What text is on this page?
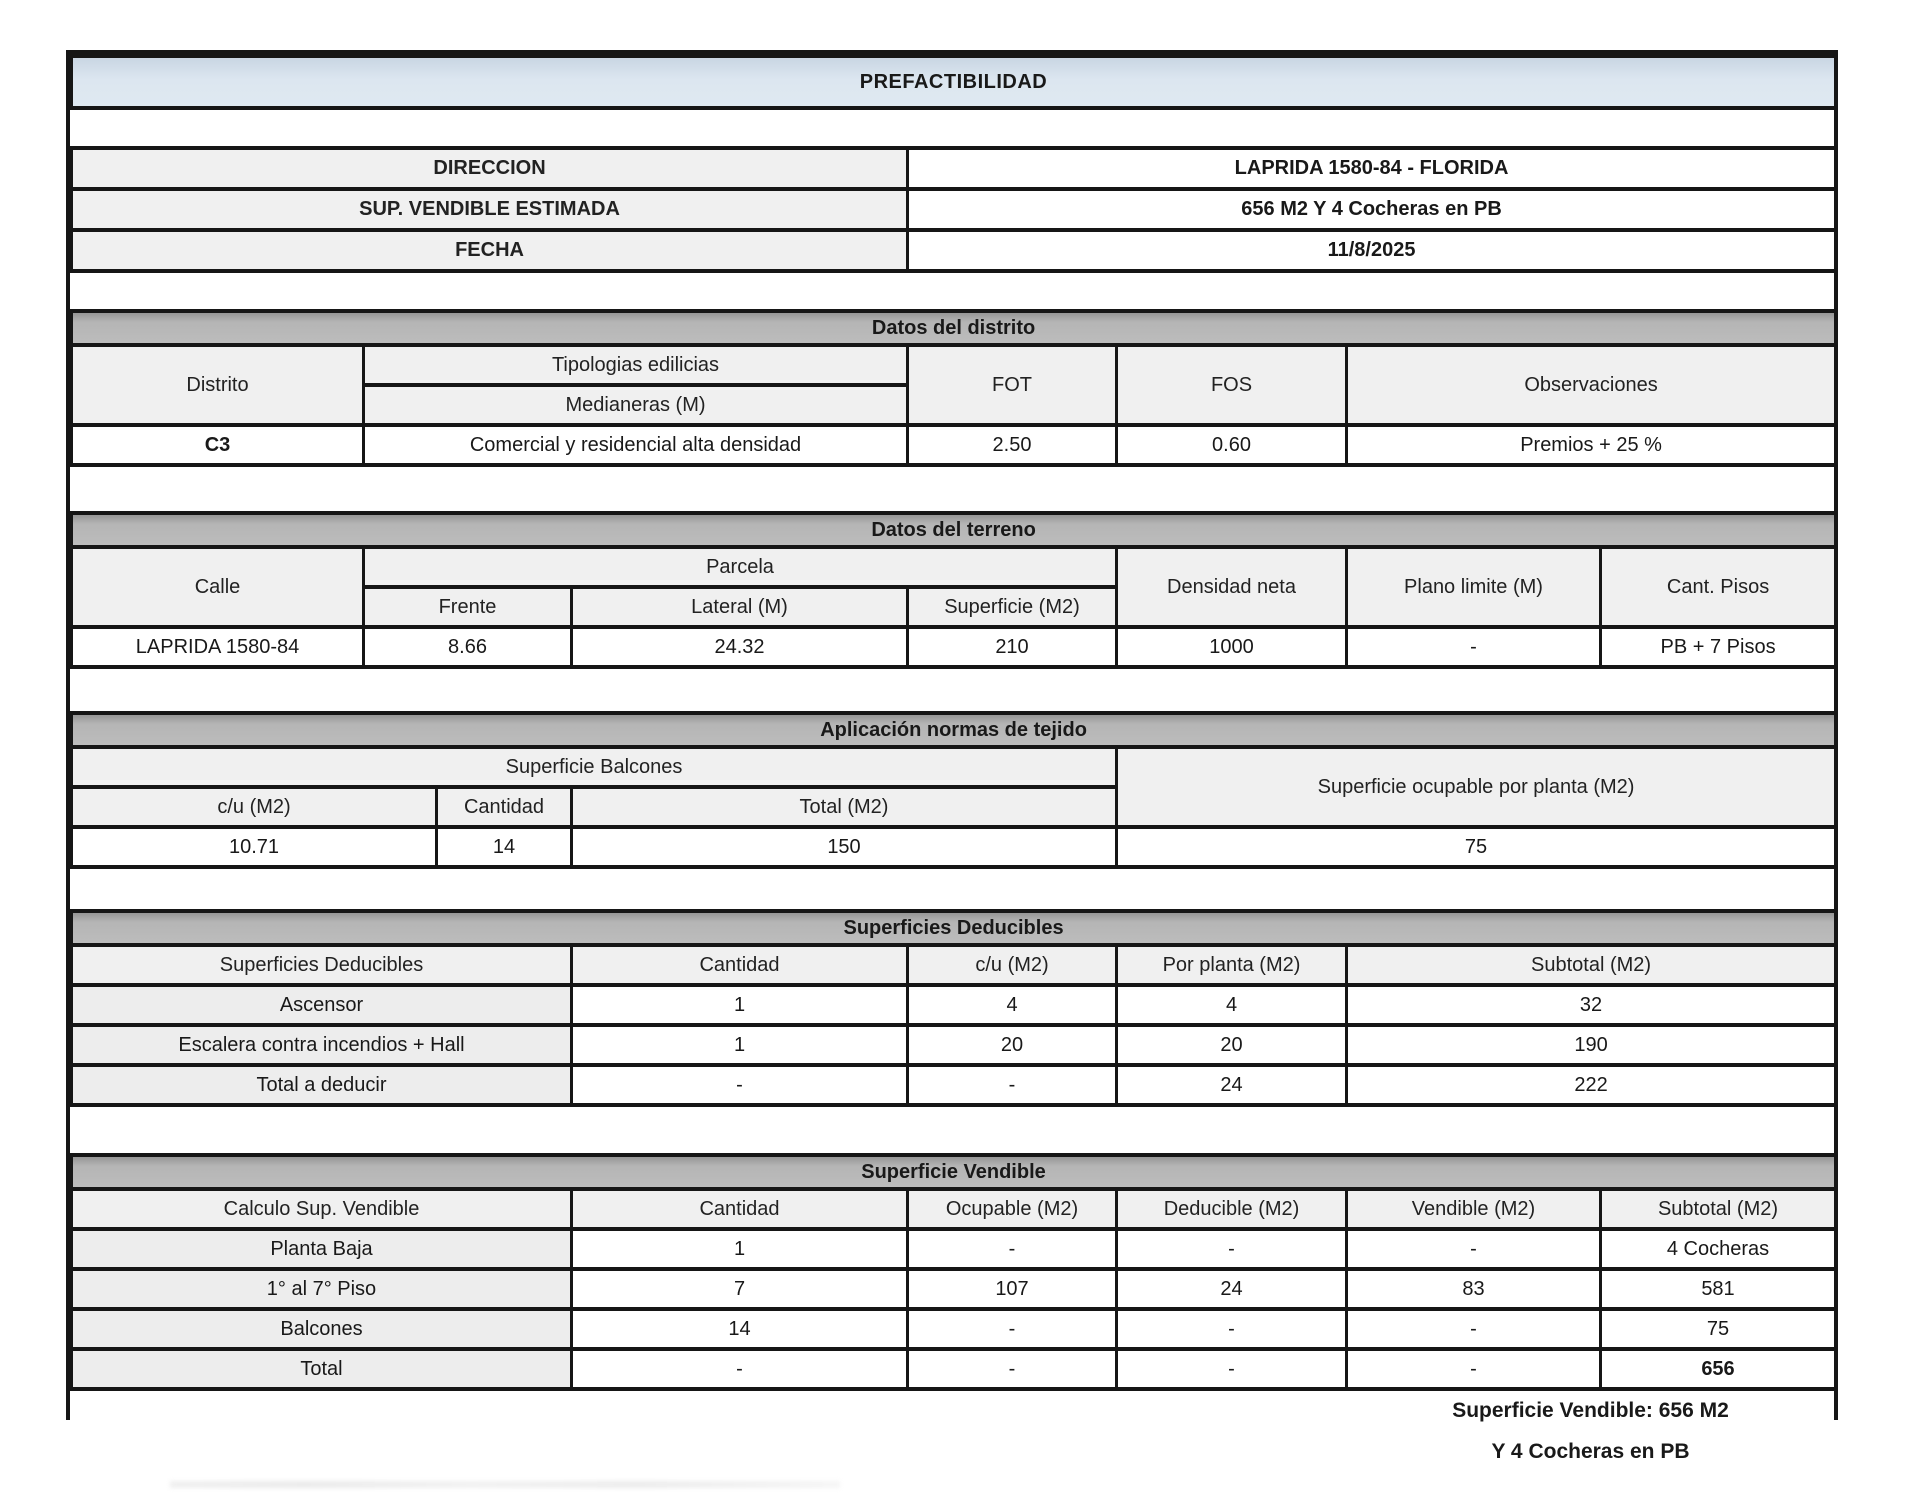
PREFACTIBILIDAD
DIRECCION	LAPRIDA 1580-84 - FLORIDA
SUP. VENDIBLE ESTIMADA	656 M2 Y 4 Cocheras en PB
FECHA	11/8/2025
Datos del distrito				
Distrito	Tipologias edilicias	FOT	FOS	Observaciones
	Medianeras (M)			
C3	Comercial y residencial alta densidad	2.50	0.60	Premios + 25 %
Datos del terreno						
Calle	Parcela			Densidad neta	Plano limite (M)	Cant. Pisos
	Frente	Lateral (M)	Superficie (M2)			
LAPRIDA 1580-84	8.66	24.32	210	1000	-	PB + 7 Pisos
Aplicación normas de tejido			
Superficie Balcones			Superficie ocupable por planta (M2)
c/u (M2)	Cantidad	Total (M2)	
10.71	14	150	75
Superficies Deducibles				
Superficies Deducibles	Cantidad	c/u (M2)	Por planta (M2)	Subtotal (M2)
Ascensor	1	4	4	32
Escalera contra incendios + Hall	1	20	20	190
Total a deducir	-	-	24	222
Superficie Vendible					
Calculo Sup. Vendible	Cantidad	Ocupable (M2)	Deducible (M2)	Vendible (M2)	Subtotal (M2)
Planta Baja	1	-	-	-	4 Cocheras
1° al 7° Piso	7	107	24	83	581
Balcones	14	-	-	-	75
Total	-	-	-	-	656
Superficie Vendible: 656 M2
Y 4 Cocheras en PB
